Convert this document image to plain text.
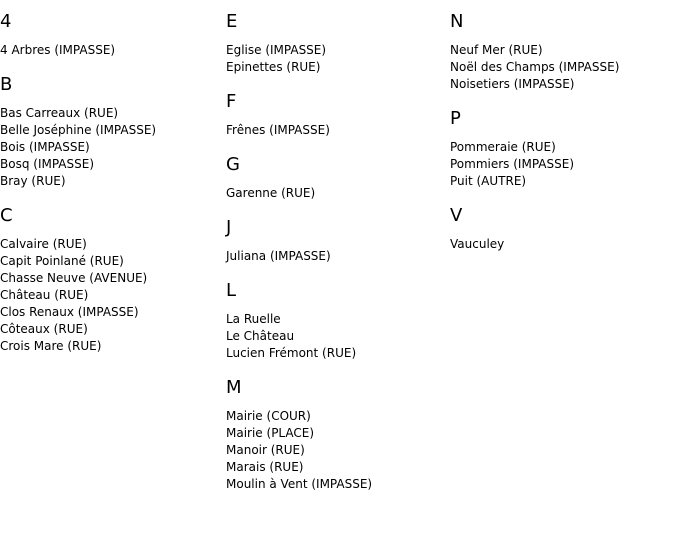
4
4 Arbres (IMPASSE)
B
Bas Carreaux (RUE)
Belle Joséphine (IMPASSE)
Bois (IMPASSE)
Bosq (IMPASSE)
Bray (RUE)
C
Calvaire (RUE)
Capit Poinlané (RUE)
Chasse Neuve (AVENUE)
Château (RUE)
Clos Renaux (IMPASSE)
Côteaux (RUE)
Crois Mare (RUE)
E
Eglise (IMPASSE)
Epinettes (RUE)
F
Frênes (IMPASSE)
G
Garenne (RUE)
J
Juliana (IMPASSE)
L
La Ruelle
Le Château
Lucien Frémont (RUE)
M
Mairie (COUR)
Mairie (PLACE)
Manoir (RUE)
Marais (RUE)
Moulin à Vent (IMPASSE)
N
Neuf Mer (RUE)
Noël des Champs (IMPASSE)
Noisetiers (IMPASSE)
P
Pommeraie (RUE)
Pommiers (IMPASSE)
Puit (AUTRE)
V
Vauculey
